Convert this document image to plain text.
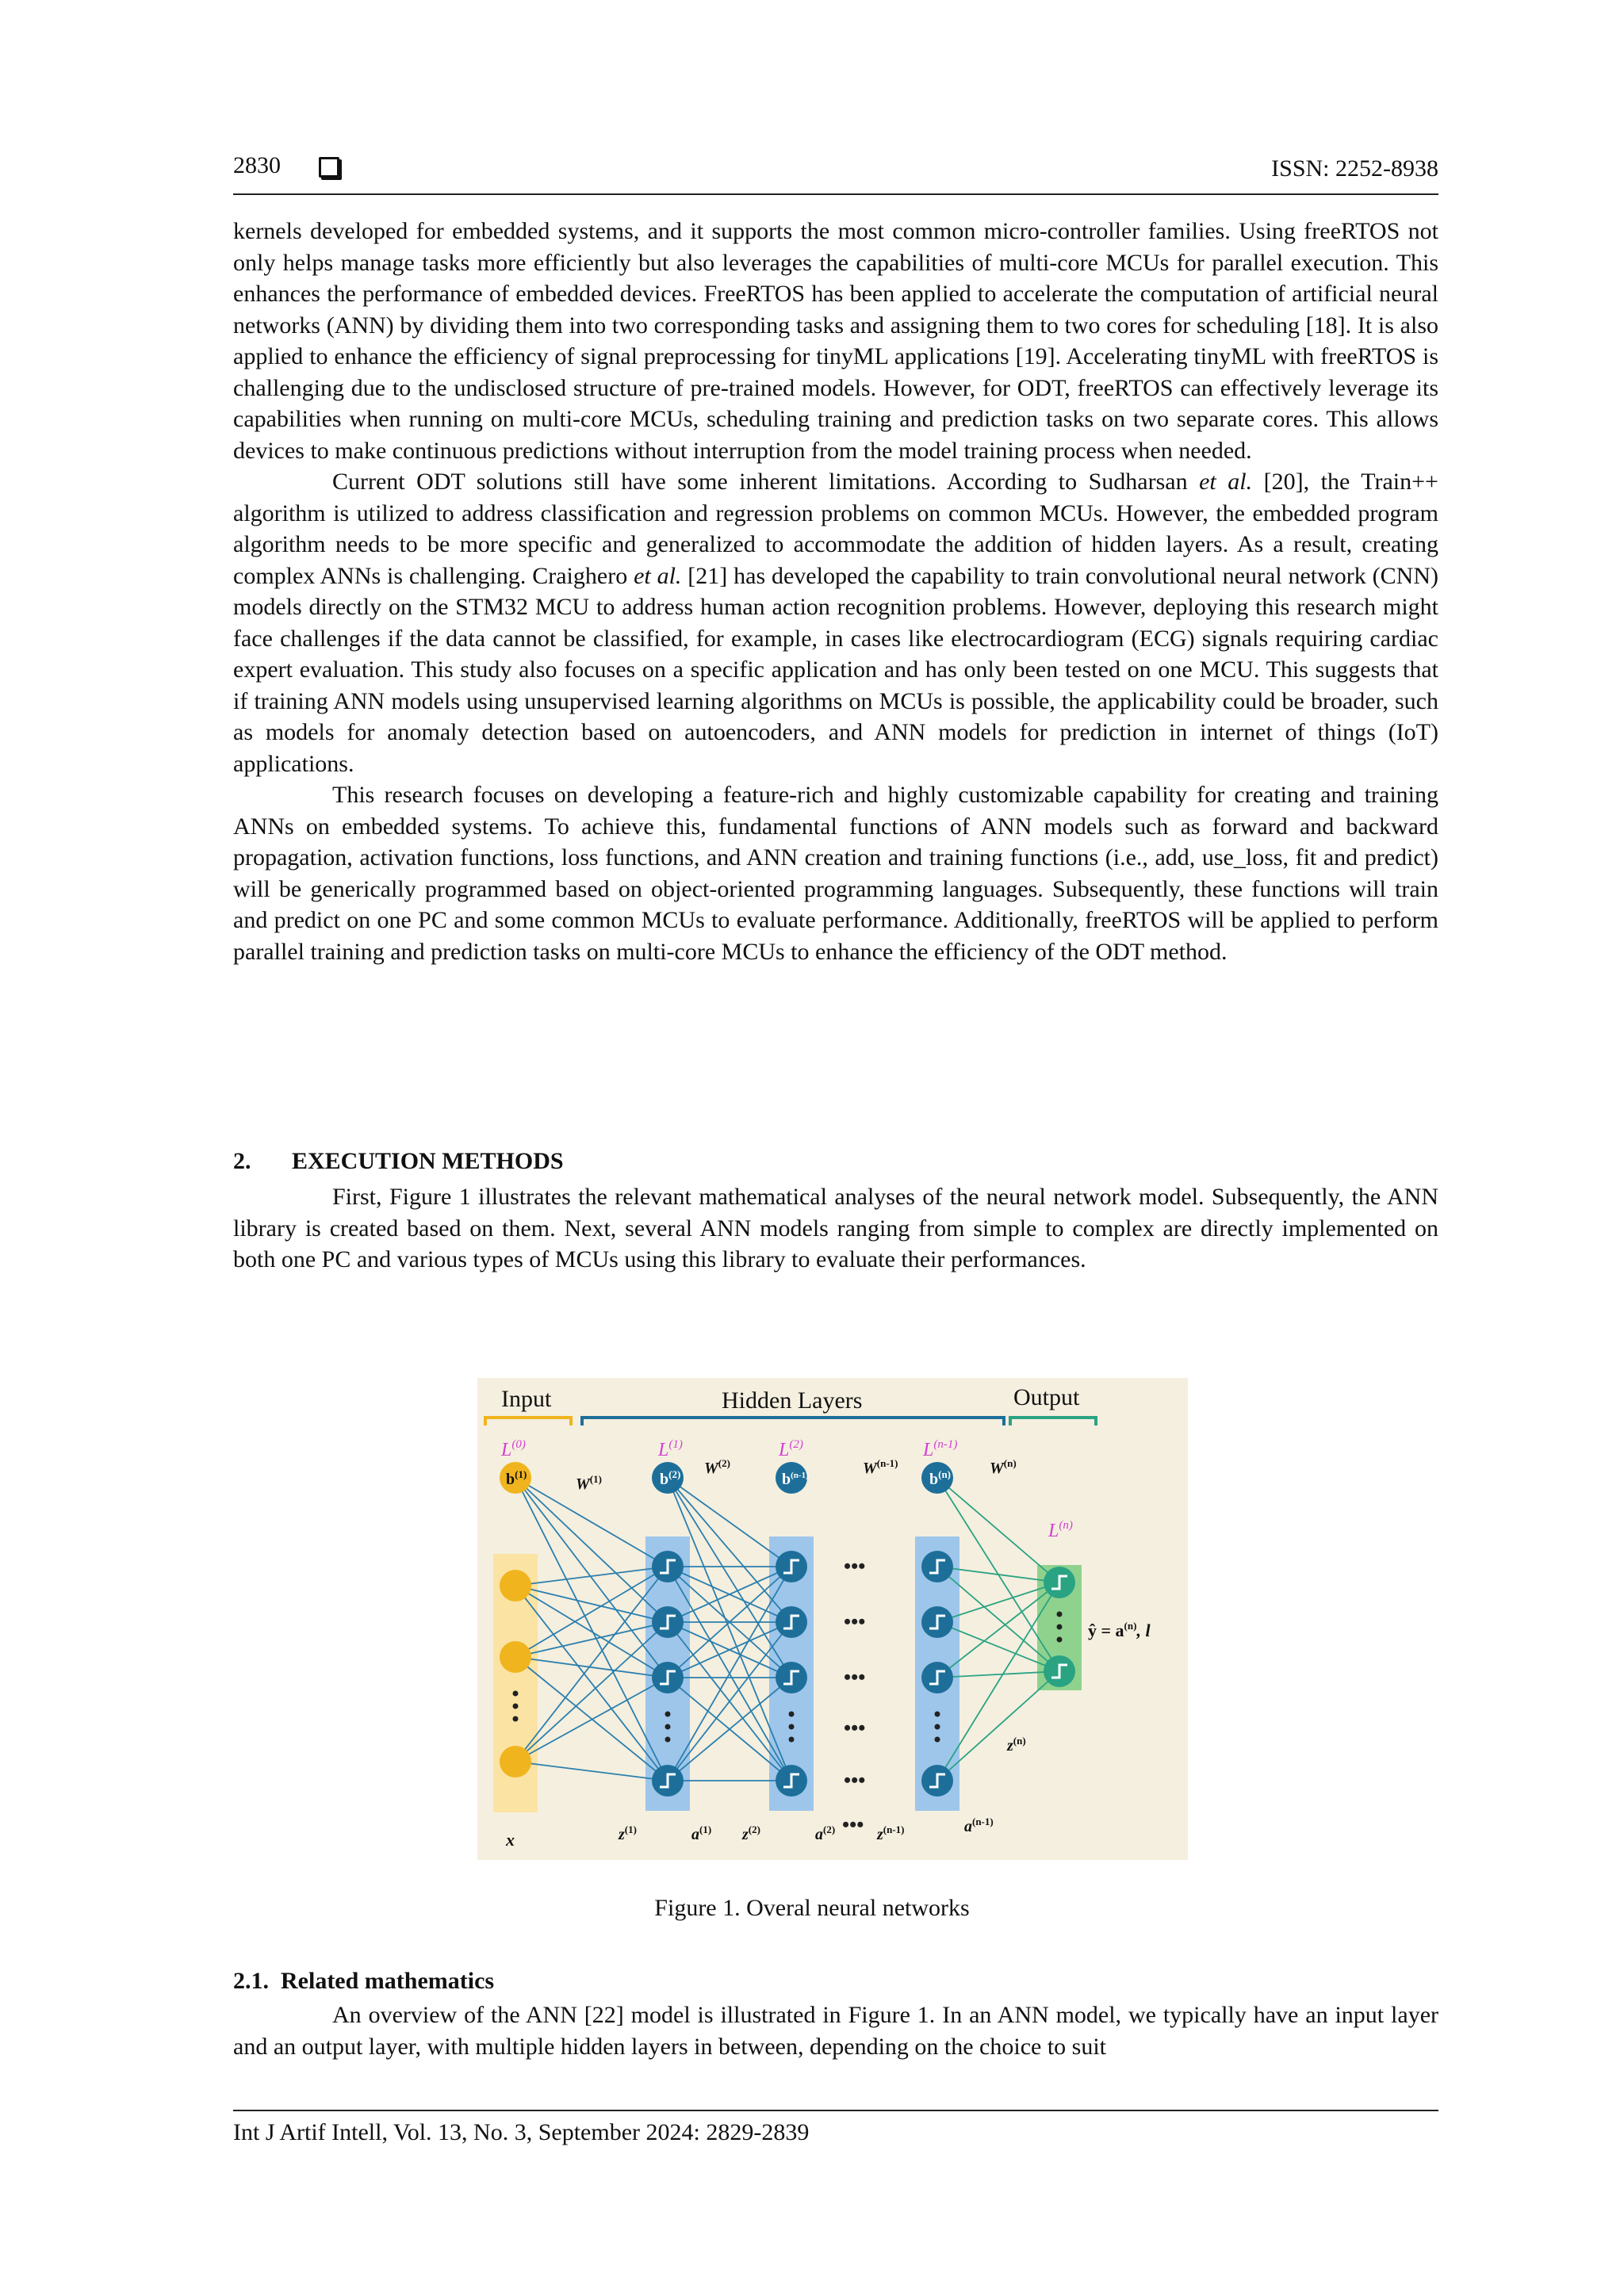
2830	ISSN: 2252-8938

kernels developed for embedded systems, and it supports the most common micro-controller families. Using freeRTOS not only helps manage tasks more efficiently but also leverages the capabilities of multi-core MCUs for parallel execution. This enhances the performance of embedded devices. FreeRTOS has been applied to accelerate the computation of artificial neural networks (ANN) by dividing them into two corresponding tasks and assigning them to two cores for scheduling [18]. It is also applied to enhance the efficiency of signal preprocessing for tinyML applications [19]. Accelerating tinyML with freeRTOS is challenging due to the undisclosed structure of pre-trained models. However, for ODT, freeRTOS can effectively leverage its capabilities when running on multi-core MCUs, scheduling training and prediction tasks on two separate cores. This allows devices to make continuous predictions without interruption from the model training process when needed.

Current ODT solutions still have some inherent limitations. According to Sudharsan et al. [20], the Train++ algorithm is utilized to address classification and regression problems on common MCUs. However, the embedded program algorithm needs to be more specific and generalized to accommodate the addition of hidden layers. As a result, creating complex ANNs is challenging. Craighero et al. [21] has developed the capability to train convolutional neural network (CNN) models directly on the STM32 MCU to address human action recognition problems. However, deploying this research might face challenges if the data cannot be classified, for example, in cases like electrocardiogram (ECG) signals requiring cardiac expert evaluation. This study also focuses on a specific application and has only been tested on one MCU. This suggests that if training ANN models using unsupervised learning algorithms on MCUs is possible, the applicability could be broader, such as models for anomaly detection based on autoencoders, and ANN models for prediction in internet of things (IoT) applications.

This research focuses on developing a feature-rich and highly customizable capability for creating and training ANNs on embedded systems. To achieve this, fundamental functions of ANN models such as forward and backward propagation, activation functions, loss functions, and ANN creation and training functions (i.e., add, use_loss, fit and predict) will be generically programmed based on object-oriented programming languages. Subsequently, these functions will train and predict on one PC and some common MCUs to evaluate performance. Additionally, freeRTOS will be applied to perform parallel training and prediction tasks on multi-core MCUs to enhance the efficiency of the ODT method.

2. EXECUTION METHODS

First, Figure 1 illustrates the relevant mathematical analyses of the neural network model. Subsequently, the ANN library is created based on them. Next, several ANN models ranging from simple to complex are directly implemented on both one PC and various types of MCUs using this library to evaluate their performances.

Input	Hidden Layers	Output
$L^{(0)}$	$L^{(1)}$	$L^{(2)}$	$L^{(n-1)}$
$L^{(n)}$
$b^{(1)}$	$b^{(2)}$	$b^{(n-1)}$	$b^{(n)}$
$W^{(1)}$
$W^{(2)}$	$W^{(n-1)}$	$W^{(n)}$
•••
•••
•••
•••
•••
ŷ = $a^{(n)}$, l
x	$z^{(1)}$	$a^{(1)}$ $z^{(2)}$	$a^{(2)}$	$z^{(n-1)}$	$a^{(n-1)}$
$z^{(n)}$
•••
Figure 1. Overal neural networks
2.1. Related mathematics

An overview of the ANN [22] model is illustrated in Figure 1. In an ANN model, we typically have an input layer and an output layer, with multiple hidden layers in between, depending on the choice to suit

Int J Artif Intell, Vol. 13, No. 3, September 2024: 2829-2839
